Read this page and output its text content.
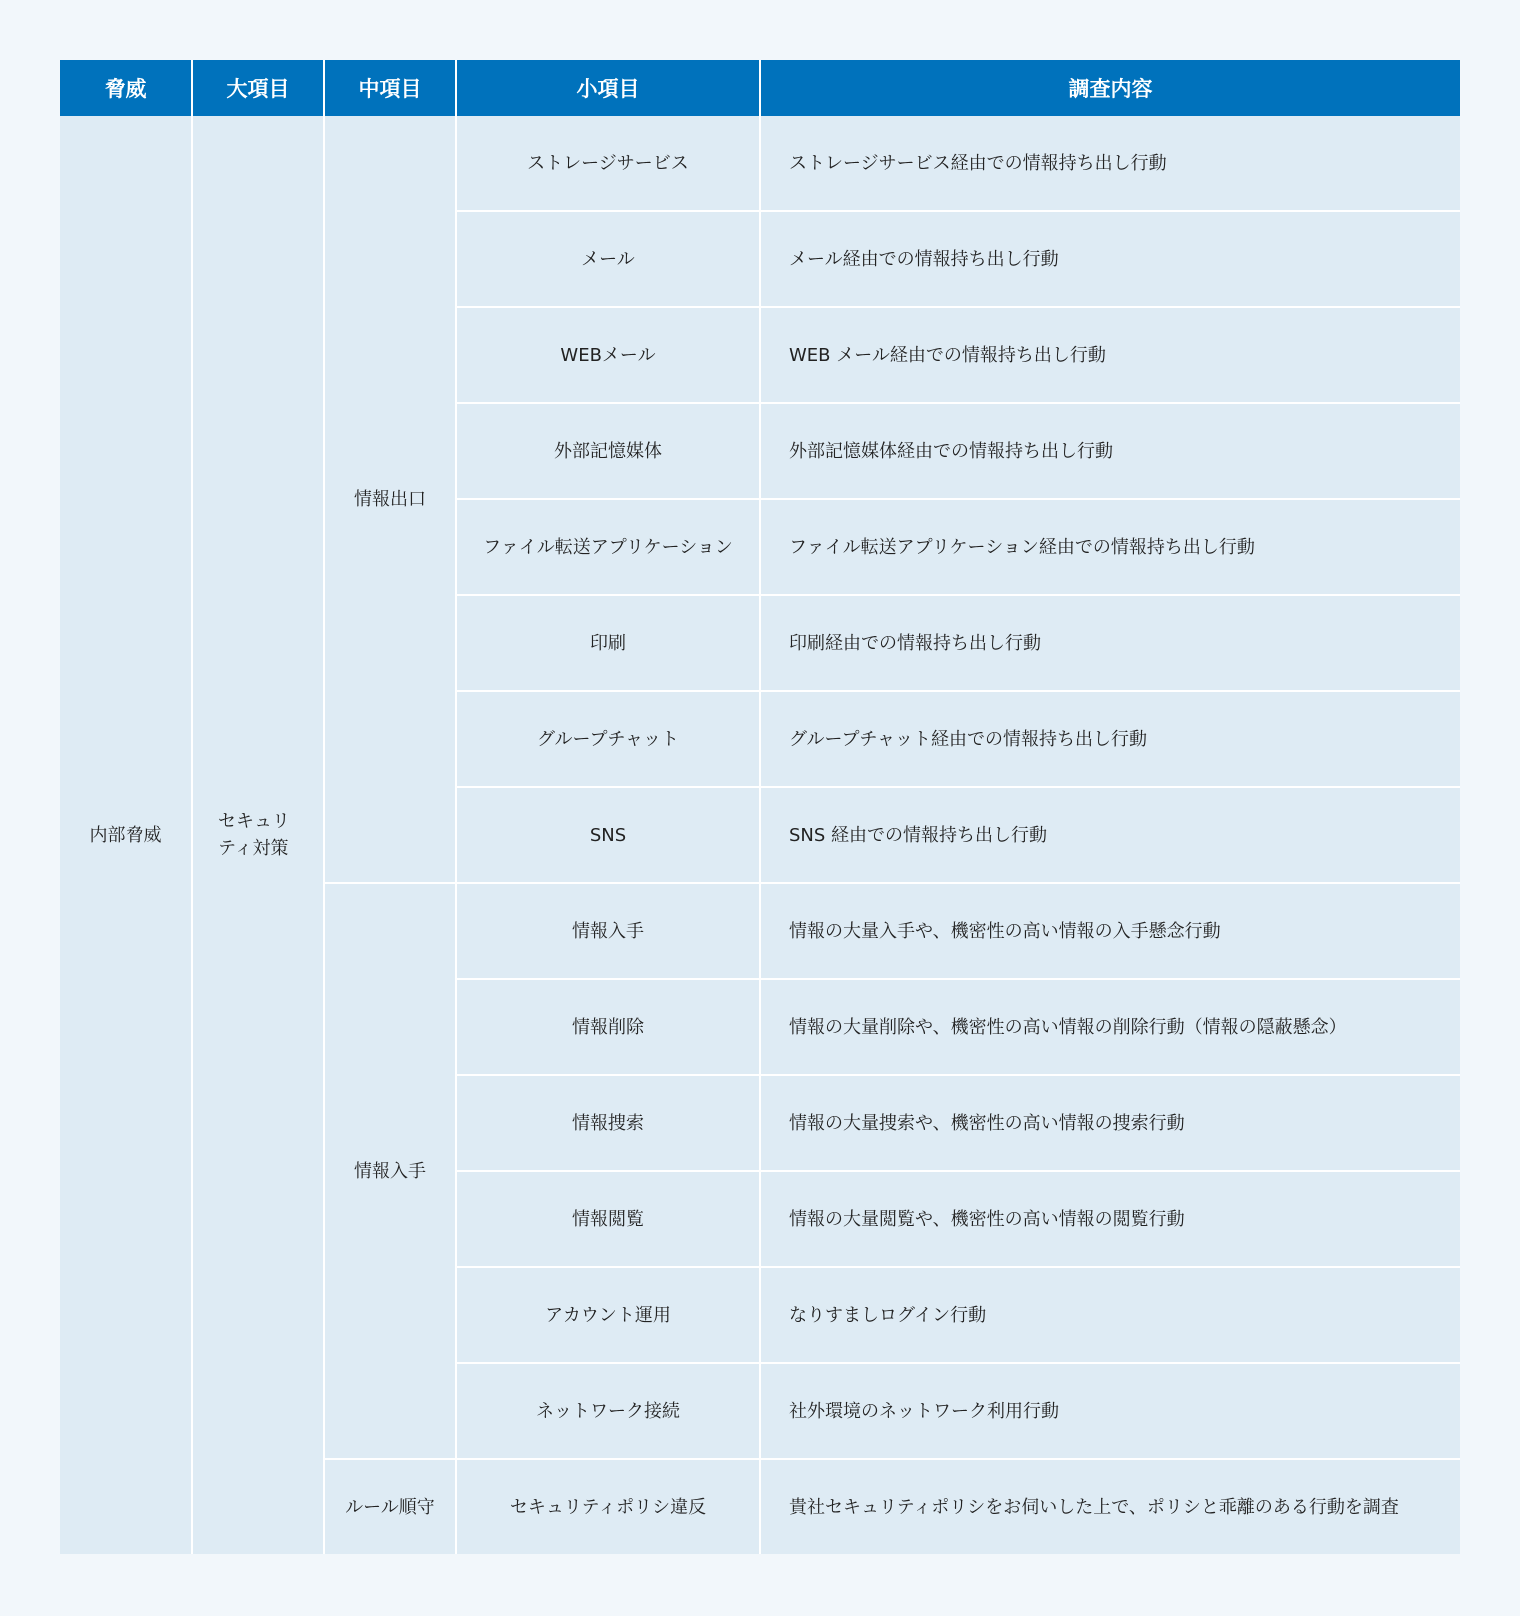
脅威	大項目	中項目	小項目	調査内容
内部脅威	セキュリティ対策	情報出口	ストレージサービス	ストレージサービス経由での情報持ち出し行動
			メール	メール経由での情報持ち出し行動
			WEBメール	WEB メール経由での情報持ち出し行動
			外部記憶媒体	外部記憶媒体経由での情報持ち出し行動
			ファイル転送アプリケーション	ファイル転送アプリケーション経由での情報持ち出し行動
			印刷	印刷経由での情報持ち出し行動
			グループチャット	グループチャット経由での情報持ち出し行動
			SNS	SNS 経由での情報持ち出し行動
		情報入手	情報入手	情報の大量入手や、機密性の高い情報の入手懸念行動
			情報削除	情報の大量削除や、機密性の高い情報の削除行動（情報の隠蔽懸念）
			情報捜索	情報の大量捜索や、機密性の高い情報の捜索行動
			情報閲覧	情報の大量閲覧や、機密性の高い情報の閲覧行動
			アカウント運用	なりすましログイン行動
			ネットワーク接続	社外環境のネットワーク利用行動
		ルール順守	セキュリティポリシ違反	貴社セキュリティポリシをお伺いした上で、ポリシと乖離のある行動を調査
